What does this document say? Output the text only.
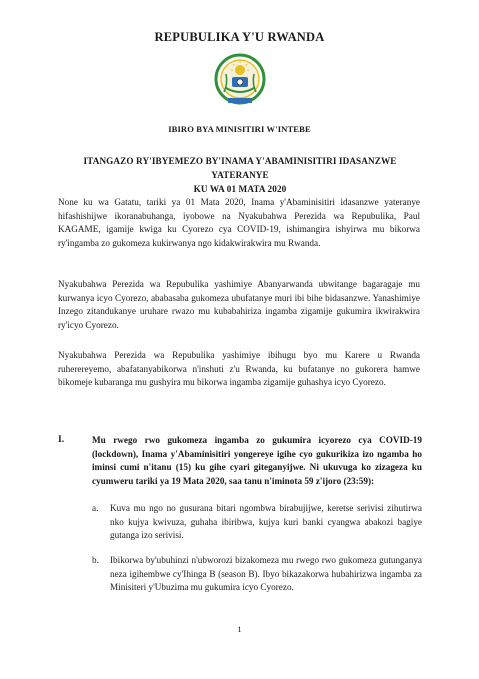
REPUBULIKA Y'U RWANDA
IBIRO BYA MINISITIRI W'INTEBE
ITANGAZO RY'IBYEMEZO BY'INAMA Y'ABAMINISITIRI IDASANZWE YATERANYE
KU WA 01 MATA 2020
None ku wa Gatatu, tariki ya 01 Mata 2020, Inama y'Abaminisitiri idasanzwe yateranye hifashishijwe ikoranabuhanga, iyobowe na Nyakubahwa Perezida wa Repubulika, Paul KAGAME, igamije kwiga ku Cyorezo cya COVID-19, ishimangira ishyirwa mu bikorwa ry'ingamba zo gukomeza kukirwanya ngo kidakwirakwira mu Rwanda.
Nyakubahwa Perezida wa Repubulika yashimiye Abanyarwanda ubwitange bagaragaje mu kurwanya icyo Cyorezo, ababasaba gukomeza ubufatanye muri ibi bihe bidasanzwe. Yanashimiye Inzego zitandukanye uruhare rwazo mu kubabahiriza ingamba zigamije gukumira ikwirakwira ry'icyo Cyorezo.
Nyakubahwa Perezida wa Repubulika yashimiye ibihugu byo mu Karere u Rwanda ruherereyemo, abafatanyabikorwa n'inshuti z'u Rwanda, ku bufatanye no gukorera hamwe bikomeje kubaranga mu gushyira mu bikorwa ingamba zigamije guhashya icyo Cyorezo.
I.	Mu rwego rwo gukomeza ingamba zo gukumira icyorezo cya COVID-19 (lockdown), Inama y'Abaminisitiri yongereye igihe cyo gukurikiza izo ngamba ho iminsi cumi n'itanu (15) ku gihe cyari giteganyijwe. Ni ukuvuga ko zizageza ku cyumweru tariki ya 19 Mata 2020, saa tanu n'iminota 59 z'ijoro (23:59):
a. Kuva mu ngo no gusurana bitari ngombwa birabujijwe, keretse serivisi zihutirwa nko kujya kwivuza, guhaha ibiribwa, kujya kuri banki cyangwa abakozi bagiye gutanga izo serivisi.
b. Ibikorwa by'ubuhinzi n'ubworozi bizakomeza mu rwego rwo gukomeza gutunganya neza igihembwe cy'Ihinga B (season B). Ibyo bikazakorwa hubahirizwa ingamba za Minisiteri y'Ubuzima mu gukumira icyo Cyorezo.
1
